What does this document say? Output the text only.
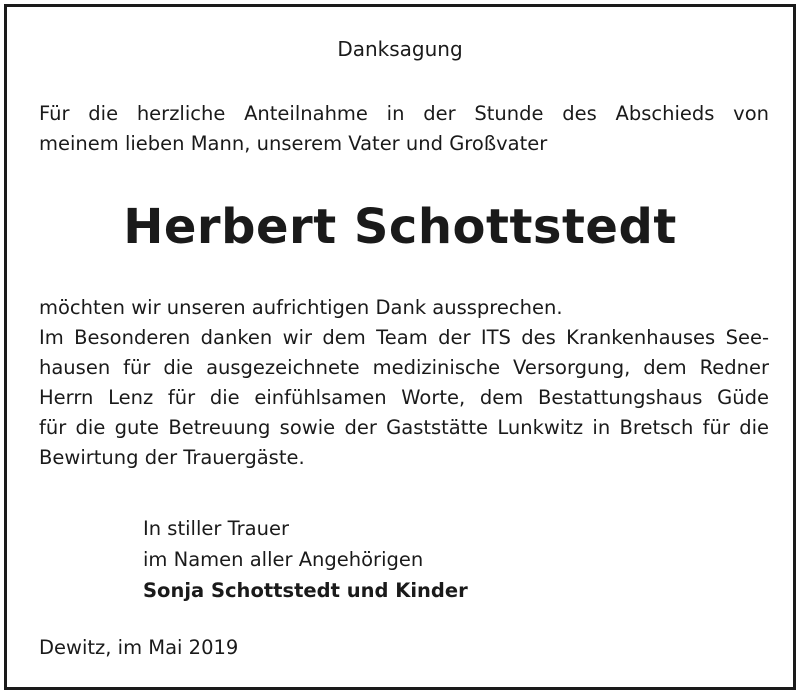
Danksagung
Für die herzliche Anteilnahme in der Stunde des Abschieds von
meinem lieben Mann, unserem Vater und Großvater
Herbert Schottstedt
möchten wir unseren aufrichtigen Dank aussprechen.
Im Besonderen danken wir dem Team der ITS des Krankenhauses See-
hausen für die ausgezeichnete medizinische Versorgung, dem Redner
Herrn Lenz für die einfühlsamen Worte, dem Bestattungshaus Güde
für die gute Betreuung sowie der Gaststätte Lunkwitz in Bretsch für die
Bewirtung der Trauergäste.
In stiller Trauer
im Namen aller Angehörigen
Sonja Schottstedt und Kinder
Dewitz, im Mai 2019
